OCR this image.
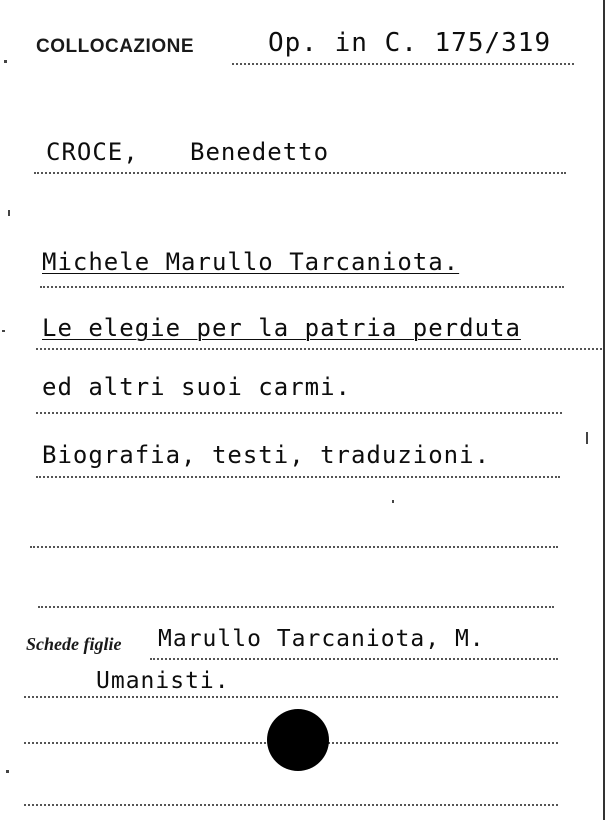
COLLOCAZIONE	Op. in C. 175/319
CROCE, Benedetto
Michele Marullo Tarcaniota.
Le elegie per la patria perduta
ed altri suoi carmi.
Biografia, testi, traduzioni.
Schede figlie Marullo Tarcaniota, M.
Umanisti.
